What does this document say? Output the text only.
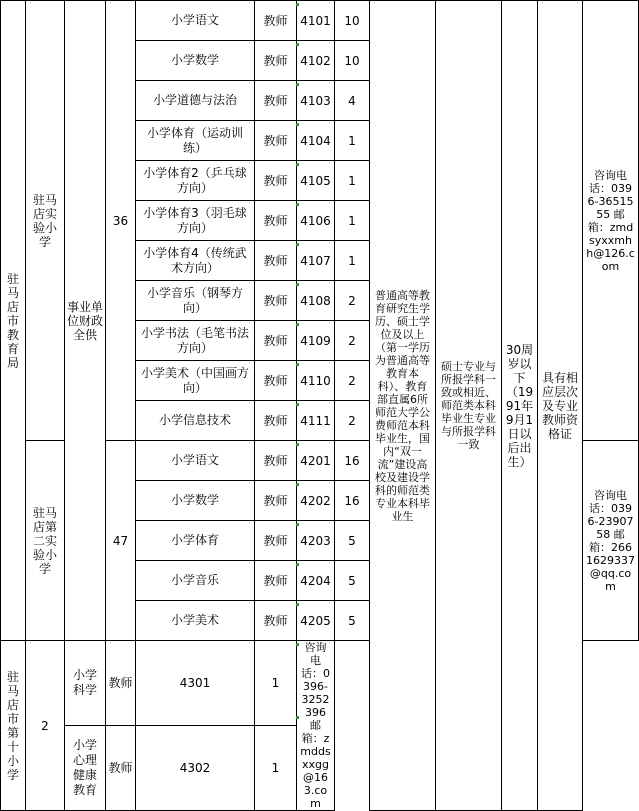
驻马店市教育局	驻马店实验小学	事业单位财政全供	36	小学语文	教师	4101	10	普通高等教育研究生学历、硕士学位及以上（第一学历为普通高等教育本科）、教育部直属6所师范大学公费师范本科毕业生，国内“双一流”建设高校及建设学科的师范类专业本科毕业生	硕士专业与所报学科一致或相近、师范类本科毕业生专业与所报学科一致	30周岁以下（1991年9月1日以后出生）	具有相应层次及专业教师资格证	咨询电话：0396-3651555 邮箱：zmdsyxxmhh@126.com
				小学数学	教师	4102	10					
				小学道德与法治	教师	4103	4					
				小学体育（运动训练）	教师	4104	1					
				小学体育2（乒乓球方向）	教师	4105	1					
				小学体育3（羽毛球方向）	教师	4106	1					
				小学体育4（传统武术方向）	教师	4107	1					
				小学音乐（钢琴方向）	教师	4108	2					
				小学书法（毛笔书法方向）	教师	4109	2					
				小学美术（中国画方向）	教师	4110	2					
				小学信息技术	教师	4111	2					
	驻马店第二实验小学		47	小学语文	教师	4201	16					咨询电话：0396-2390758 邮箱：2661629337@qq.com
				小学数学	教师	4202	16					
				小学体育	教师	4203	5					
				小学音乐	教师	4204	5					
				小学美术	教师	4205	5					
驻马店市第十小学	2	小学科学	教师	4301	1	咨询电话：0396-3252396 邮箱：zmddsxxgg@163.com						
		小学心理健康教育	教师	4302	1							
